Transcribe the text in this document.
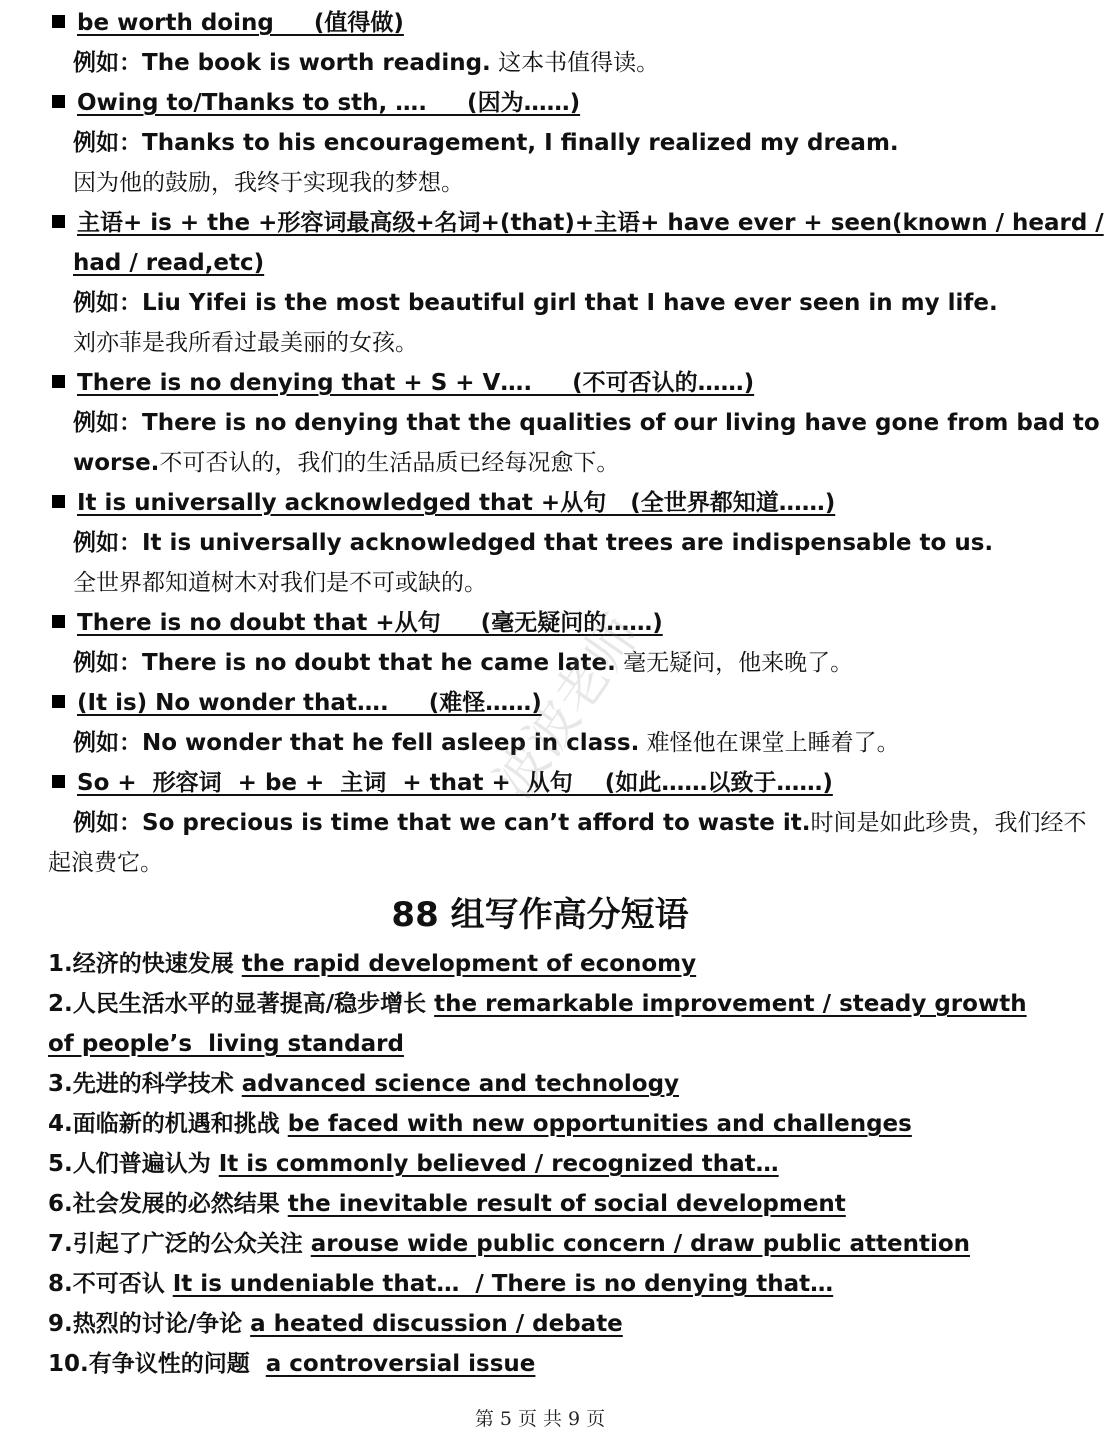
be worth doing     (值得做)
例如：The book is worth reading. 这本书值得读。
Owing to/Thanks to sth, ….     (因为……)
例如：Thanks to his encouragement, I finally realized my dream.
因为他的鼓励，我终于实现我的梦想。
主语+ is + the +形容词最高级+名词+(that)+主语+ have ever + seen(known / heard /
had / read,etc)
例如：Liu Yifei is the most beautiful girl that I have ever seen in my life.
刘亦菲是我所看过最美丽的女孩。
There is no denying that + S + V….     (不可否认的……)
例如：There is no denying that the qualities of our living have gone from bad to
worse.不可否认的，我们的生活品质已经每况愈下。
It is universally acknowledged that +从句   (全世界都知道……)
例如：It is universally acknowledged that trees are indispensable to us.
全世界都知道树木对我们是不可或缺的。
There is no doubt that +从句     (毫无疑问的……)
例如：There is no doubt that he came late. 毫无疑问，他来晚了。
(It is) No wonder that….     (难怪……)
例如：No wonder that he fell asleep in class. 难怪他在课堂上睡着了。
So +  形容词  + be +  主词  + that +  从句    (如此……以致于……)
例如：So precious is time that we can’t afford to waste it.时间是如此珍贵，我们经不
起浪费它。
88 组写作高分短语
1.经济的快速发展 the rapid development of economy
2.人民生活水平的显著提高/稳步增长 the remarkable improvement / steady growth
of people’s  living standard
3.先进的科学技术 advanced science and technology
4.面临新的机遇和挑战 be faced with new opportunities and challenges
5.人们普遍认为 It is commonly believed / recognized that…
6.社会发展的必然结果 the inevitable result of social development
7.引起了广泛的公众关注 arouse wide public concern / draw public attention
8.不可否认 It is undeniable that…  / There is no denying that…
9.热烈的讨论/争论 a heated discussion / debate
10.有争议性的问题  a controversial issue
波波老师
第 5 页 共 9 页
